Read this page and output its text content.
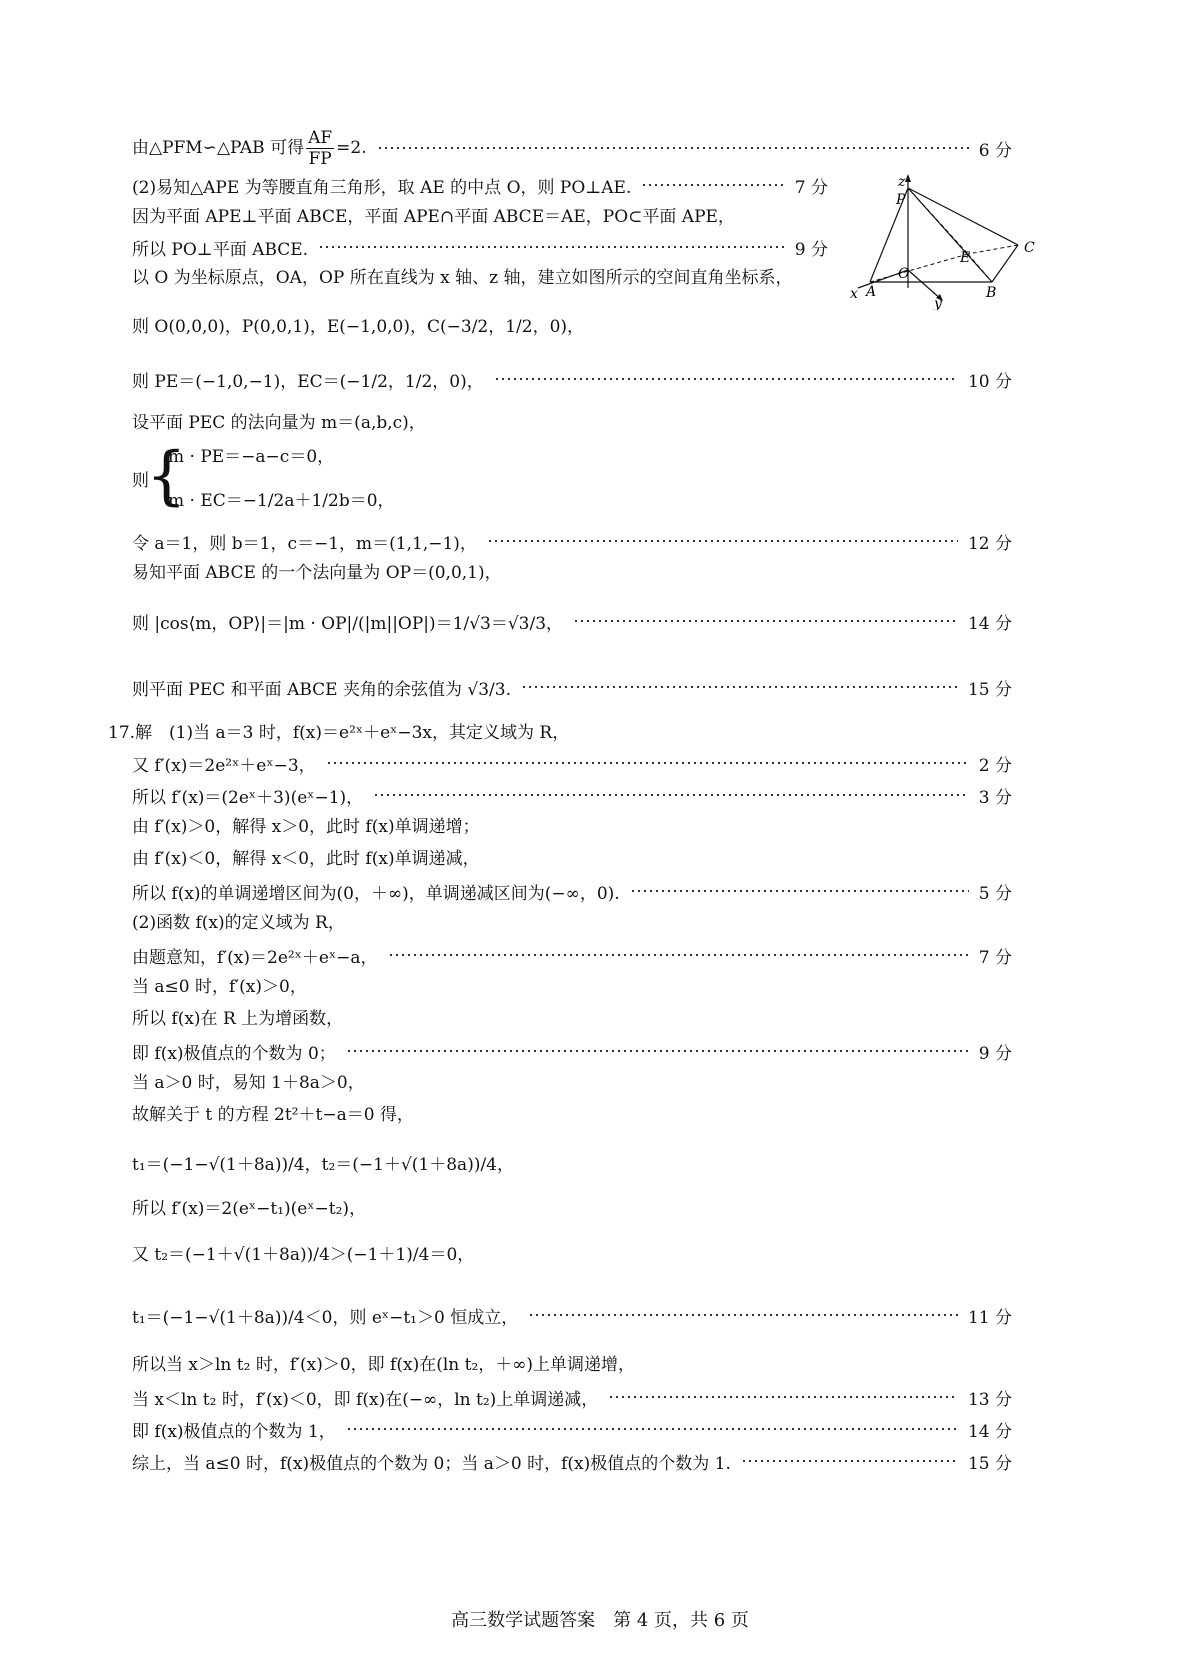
由△PFM∽△PAB 可得 $\frac{AF}{FP} =2$.	6 分
(2)易知△APE 为等腰直角三角形，取 AE 的中点 O，则 PO⊥AE.	7 分
因为平面 APE⊥平面 ABCE，平面 APE∩平面 ABCE＝AE，PO⊂平面 APE，
所以 PO⊥平面 ABCE.	9 分
以 O 为坐标原点，OA，OP 所在直线为 x 轴、z 轴，建立如图所示的空间直角坐标系，
z
P
C
E
O
x A
y
B
则 O(0,0,0)，P(0,0,1)，E(−1,0,0)，C(−3/2，1/2，0)，
则 PE＝(−1,0,−1)，EC＝(−1/2，1/2，0)，	10 分
设平面 PEC 的法向量为 m＝(a,b,c)，
则
{
m · PE＝−a−c＝0，
m · EC＝−1/2a＋1/2b＝0，
令 a＝1，则 b＝1，c＝−1，m＝(1,1,−1)，	12 分
易知平面 ABCE 的一个法向量为 OP＝(0,0,1)，
则 |cos⟨m，OP⟩|＝|m · OP|/(|m||OP|)＝1/√3＝√3/3，	14 分
则平面 PEC 和平面 ABCE 夹角的余弦值为 √3/3.	15 分
17.解　(1)当 a＝3 时，f(x)＝e²ˣ＋eˣ−3x，其定义域为 R，
又 f′(x)＝2e²ˣ＋eˣ−3，	2 分
所以 f′(x)＝(2eˣ＋3)(eˣ−1)，	3 分
由 f′(x)＞0，解得 x＞0，此时 f(x)单调递增；
由 f′(x)＜0，解得 x＜0，此时 f(x)单调递减，
所以 f(x)的单调递增区间为(0，＋∞)，单调递减区间为(−∞，0).	5 分
(2)函数 f(x)的定义域为 R，
由题意知，f′(x)＝2e²ˣ＋eˣ−a，	7 分
当 a≤0 时，f′(x)＞0，
所以 f(x)在 R 上为增函数，
即 f(x)极值点的个数为 0；	9 分
当 a＞0 时，易知 1＋8a＞0，
故解关于 t 的方程 2t²＋t−a＝0 得，
t₁＝(−1−√(1＋8a))/4，t₂＝(−1＋√(1＋8a))/4，
所以 f′(x)＝2(eˣ−t₁)(eˣ−t₂)，
又 t₂＝(−1＋√(1＋8a))/4＞(−1＋1)/4＝0，
t₁＝(−1−√(1＋8a))/4＜0，则 eˣ−t₁＞0 恒成立，	11 分
所以当 x＞ln t₂ 时，f′(x)＞0，即 f(x)在(ln t₂，＋∞)上单调递增，
当 x＜ln t₂ 时，f′(x)＜0，即 f(x)在(−∞，ln t₂)上单调递减，	13 分
即 f(x)极值点的个数为 1，	14 分
综上，当 a≤0 时，f(x)极值点的个数为 0；当 a＞0 时，f(x)极值点的个数为 1.	15 分
高三数学试题答案　第 4 页，共 6 页
